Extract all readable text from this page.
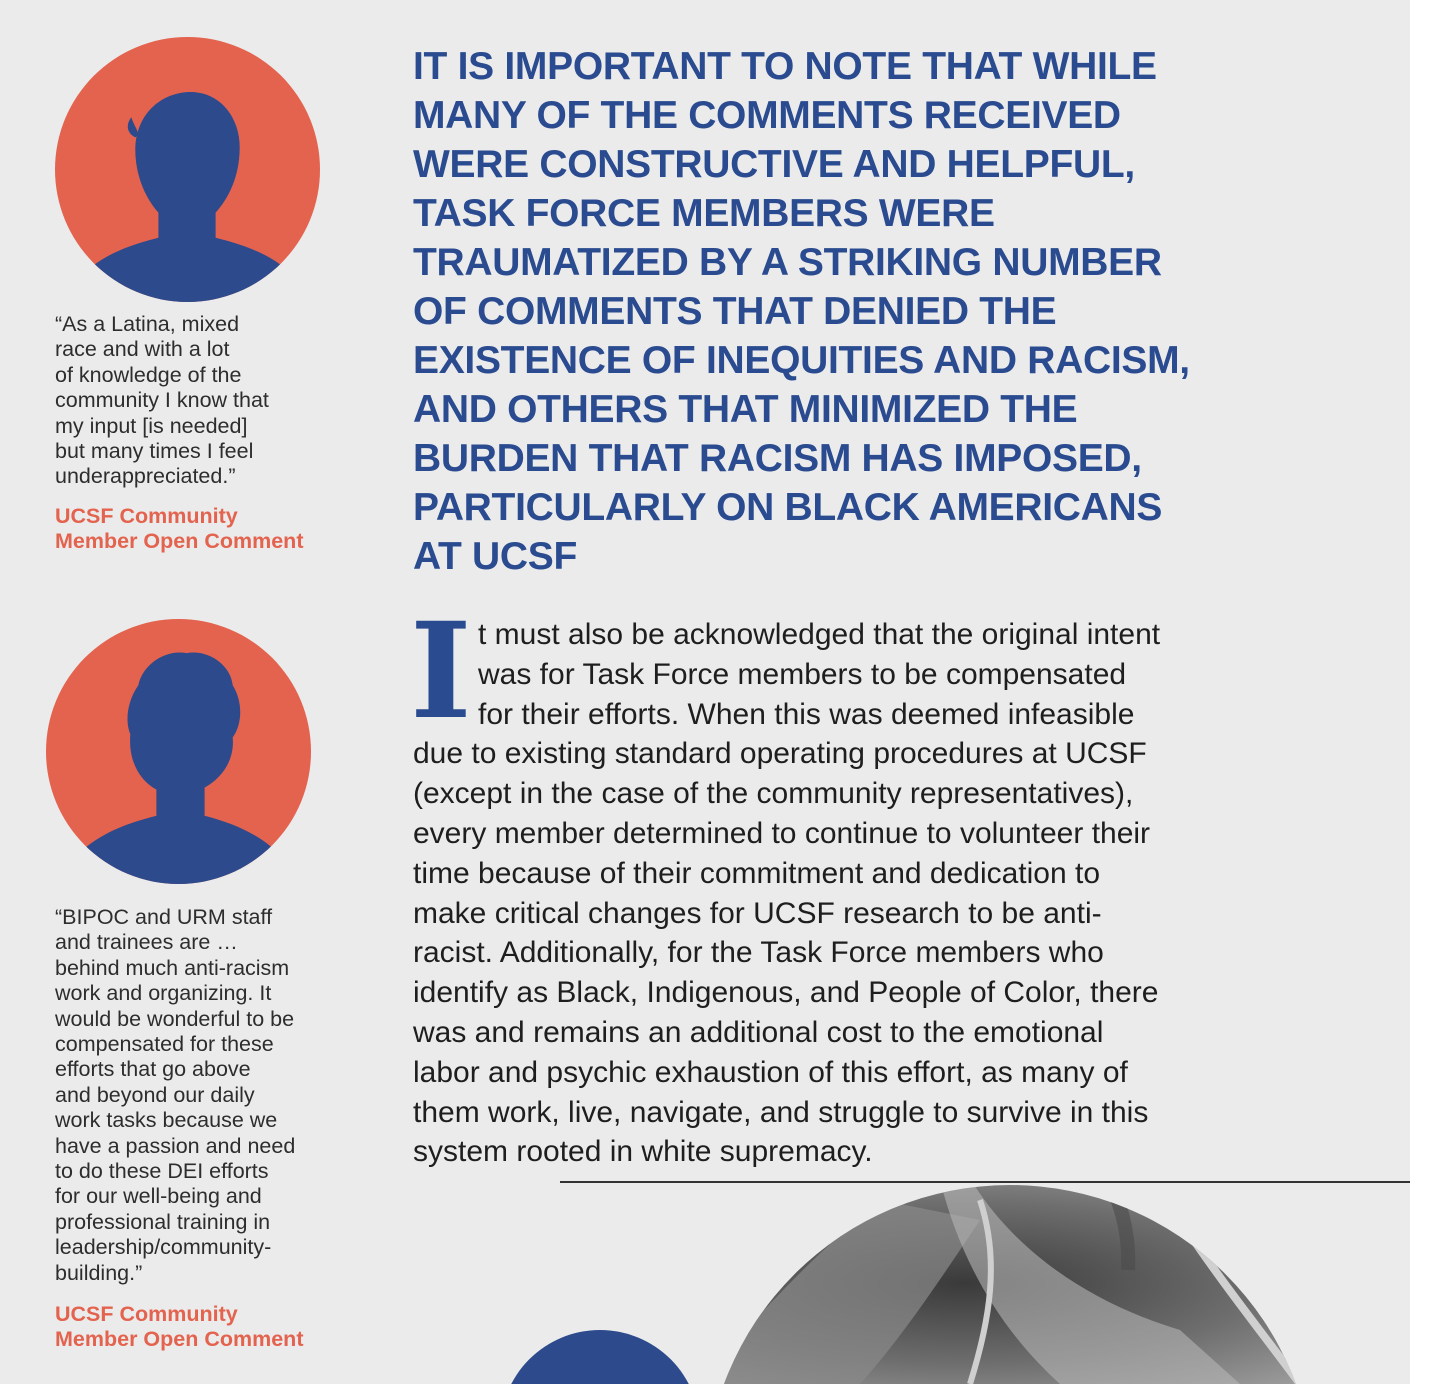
“As a Latina, mixed
race and with a lot
of knowledge of the
community I know that
my input [is needed]
but many times I feel
underappreciated.”
UCSF Community
Member Open Comment
“BIPOC and URM staff
and trainees are …
behind much anti-racism
work and organizing. It
would be wonderful to be
compensated for these
efforts that go above
and beyond our daily
work tasks because we
have a passion and need
to do these DEI efforts
for our well-being and
professional training in
leadership/community-
building.”
UCSF Community
Member Open Comment
IT IS IMPORTANT TO NOTE THAT WHILE
MANY OF THE COMMENTS RECEIVED
WERE CONSTRUCTIVE AND HELPFUL,
TASK FORCE MEMBERS WERE
TRAUMATIZED BY A STRIKING NUMBER
OF COMMENTS THAT DENIED THE
EXISTENCE OF INEQUITIES AND RACISM,
AND OTHERS THAT MINIMIZED THE
BURDEN THAT RACISM HAS IMPOSED,
PARTICULARLY ON BLACK AMERICANS
AT UCSF
I t must also be acknowledged that the original intent
was for Task Force members to be compensated
for their efforts. When this was deemed infeasible
due to existing standard operating procedures at UCSF
(except in the case of the community representatives),
every member determined to continue to volunteer their
time because of their commitment and dedication to
make critical changes for UCSF research to be anti-
racist. Additionally, for the Task Force members who
identify as Black, Indigenous, and People of Color, there
was and remains an additional cost to the emotional
labor and psychic exhaustion of this effort, as many of
them work, live, navigate, and struggle to survive in this
system rooted in white supremacy.
